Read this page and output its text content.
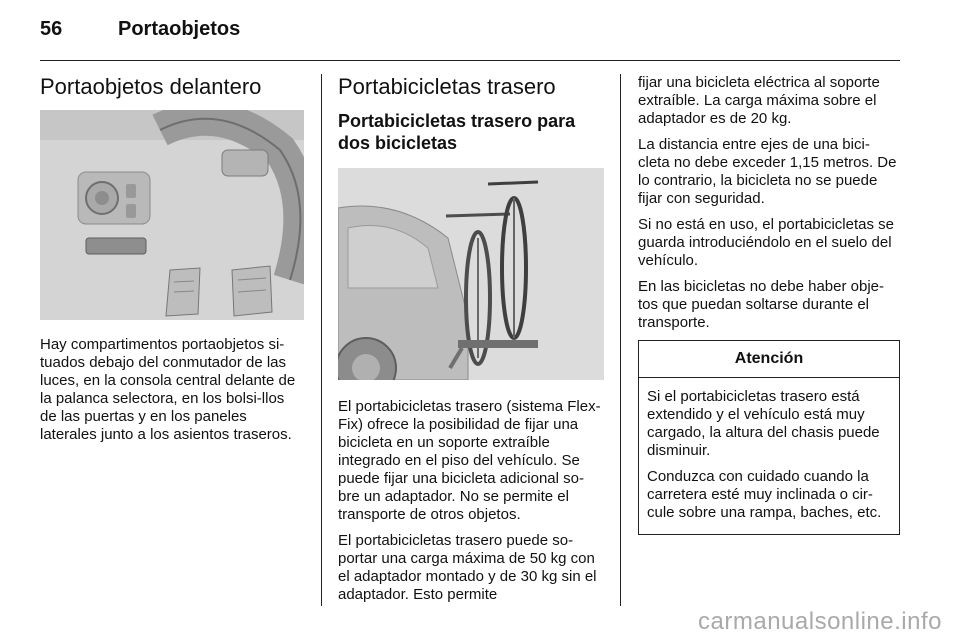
56	Portaobjetos
Portaobjetos delantero

Hay compartimentos portaobjetos si-tuados debajo del conmutador de las luces, en la consola central delante de la palanca selectora, en los bolsi-llos de las puertas y en los paneles laterales junto a los asientos traseros.

Portabicicletas trasero
Portabicicletas trasero para dos bicicletas

El portabicicletas trasero (sistema Flex-Fix) ofrece la posibilidad de fijar una bicicleta en un soporte extraíble integrado en el piso del vehículo. Se puede fijar una bicicleta adicional so-bre un adaptador. No se permite el transporte de otros objetos.

El portabicicletas trasero puede so-portar una carga máxima de 50 kg con el adaptador montado y de 30 kg sin el adaptador. Esto permite

fijar una bicicleta eléctrica al soporte extraíble. La carga máxima sobre el adaptador es de 20 kg.

La distancia entre ejes de una bici-cleta no debe exceder 1,15 metros. De lo contrario, la bicicleta no se puede fijar con seguridad.

Si no está en uso, el portabicicletas se guarda introduciéndolo en el suelo del vehículo.

En las bicicletas no debe haber obje-tos que puedan soltarse durante el transporte.

Atención

Si el portabicicletas trasero está extendido y el vehículo está muy cargado, la altura del chasis puede disminuir.

Conduzca con cuidado cuando la carretera esté muy inclinada o cir-cule sobre una rampa, baches, etc.

carmanualsonline.info
